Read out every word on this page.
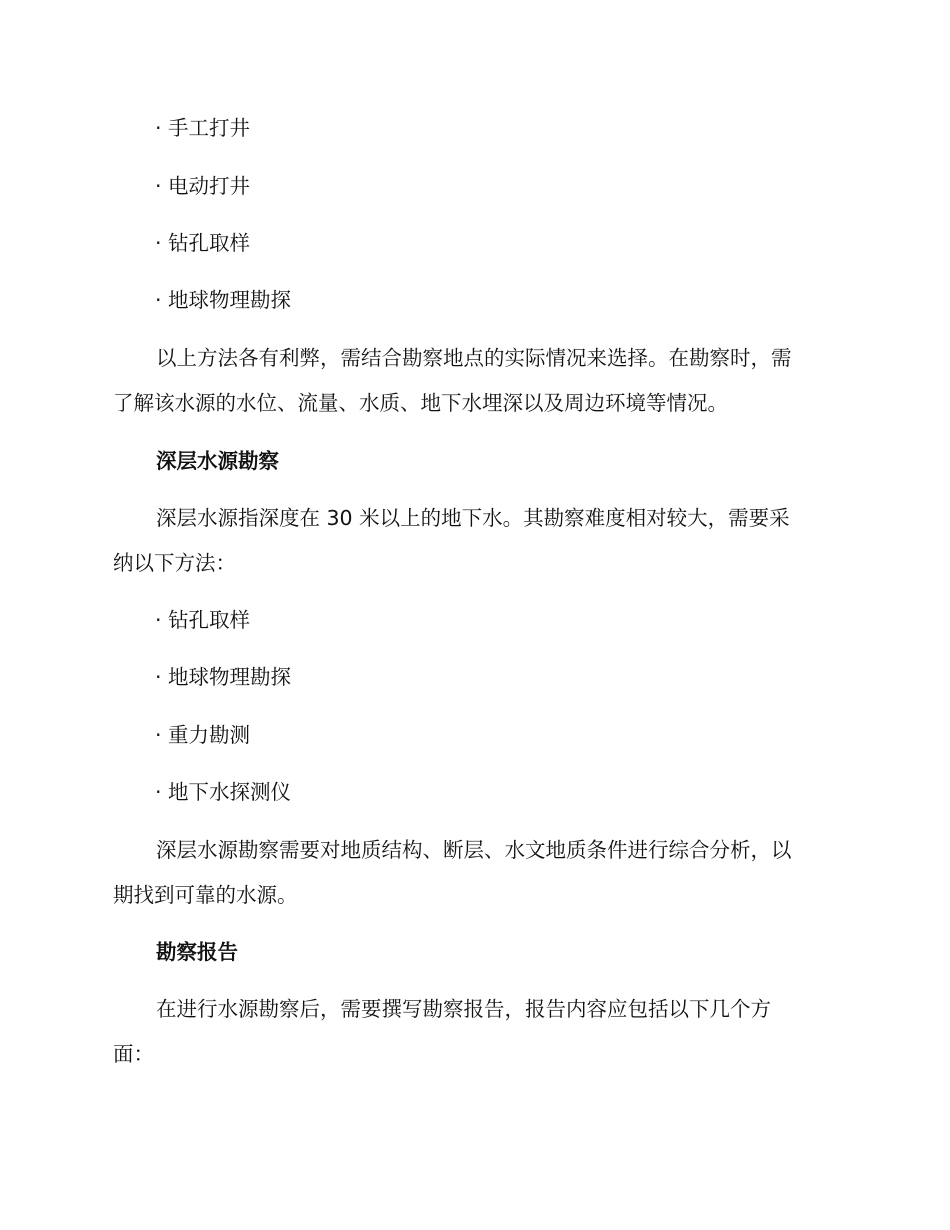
· 手工打井
· 电动打井
· 钻孔取样
· 地球物理勘探
以上方法各有利弊，需结合勘察地点的实际情况来选择。在勘察时，需
了解该水源的水位、流量、水质、地下水埋深以及周边环境等情况。
深层水源勘察
深层水源指深度在 30 米以上的地下水。其勘察难度相对较大，需要采
纳以下方法：
· 钻孔取样
· 地球物理勘探
· 重力勘测
· 地下水探测仪
深层水源勘察需要对地质结构、断层、水文地质条件进行综合分析，以
期找到可靠的水源。
勘察报告
在进行水源勘察后，需要撰写勘察报告，报告内容应包括以下几个方
面：
